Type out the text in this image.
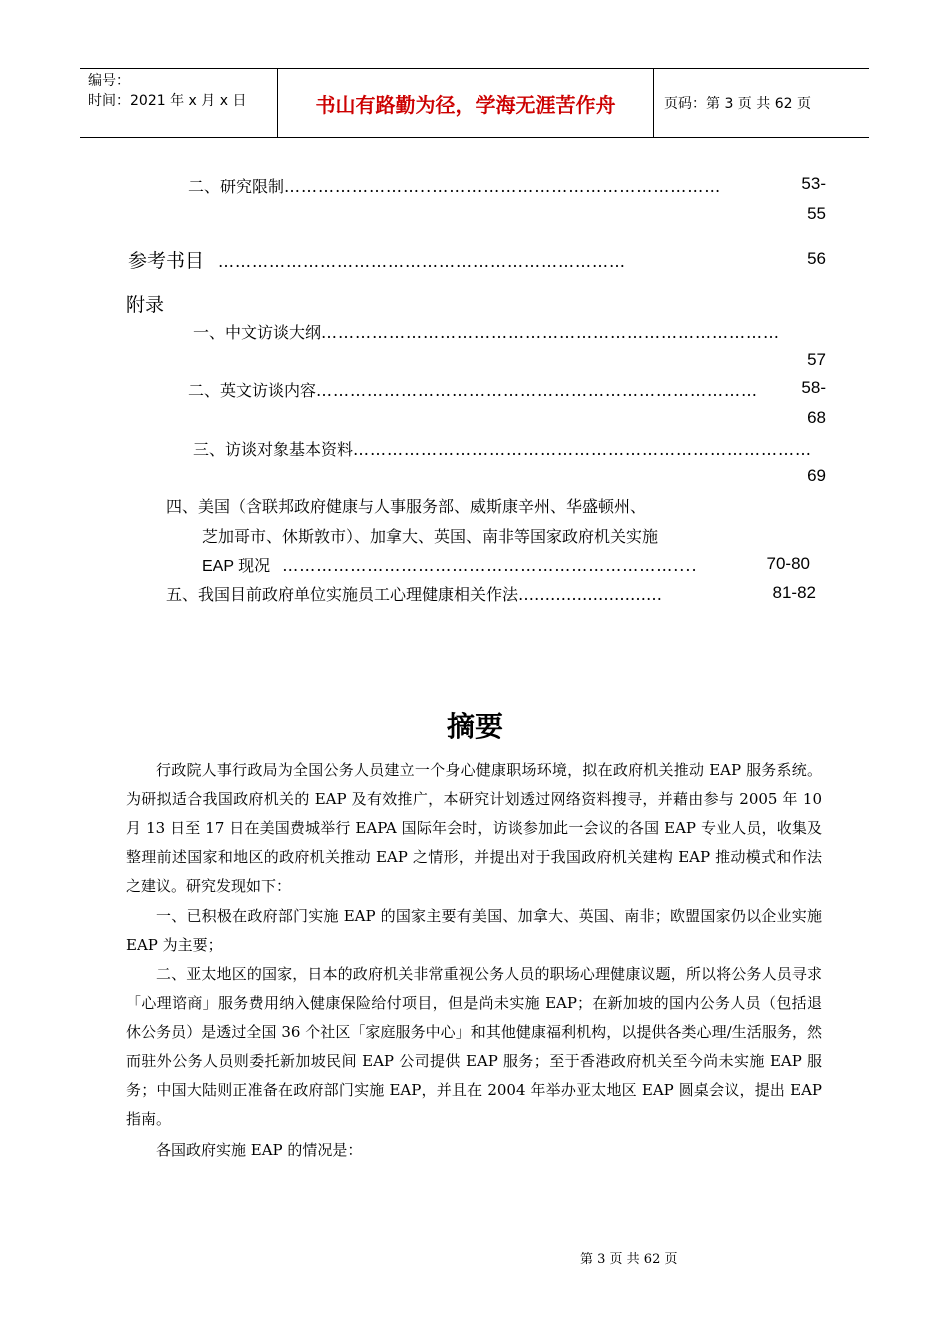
编号：
时间：2021 年 x 月 x 日	书山有路勤为径，学海无涯苦作舟	页码：第 3 页 共 62 页
二、研究限制……………………..……………………………………………	53-
55
参考书目 ………………………………………………………………	56
附录
一、中文访谈大纲………………………………………………………………………
57
二、英文访谈内容……………………………………………………………………	58-
68
三、访谈对象基本资料………………………………………………………………………
69
四、美国（含联邦政府健康与人事服务部、威斯康辛州、华盛顿州、
芝加哥市、休斯敦市）、加拿大、英国、南非等国家政府机关实施
EAP 现况 ……………………………………………………………....	70-80
五、我国目前政府单位实施员工心理健康相关作法………………………	81-82
摘要
行政院人事行政局为全国公务人员建立一个身心健康职场环境，拟在政府机关推动 EAP 服务系统。为研拟适合我国政府机关的 EAP 及有效推广，本研究计划透过网络资料搜寻，并藉由参与 2005 年 10 月 13 日至 17 日在美国费城举行 EAPA 国际年会时，访谈参加此一会议的各国 EAP 专业人员，收集及整理前述国家和地区的政府机关推动 EAP 之情形，并提出对于我国政府机关建构 EAP 推动模式和作法之建议。研究发现如下：
一、已积极在政府部门实施 EAP 的国家主要有美国、加拿大、英国、南非；欧盟国家仍以企业实施 EAP 为主要；
二、亚太地区的国家，日本的政府机关非常重视公务人员的职场心理健康议题，所以将公务人员寻求「心理谘商」服务费用纳入健康保险给付项目，但是尚未实施 EAP；在新加坡的国内公务人员（包括退休公务员）是透过全国 36 个社区「家庭服务中心」和其他健康福利机构，以提供各类心理/生活服务，然而驻外公务人员则委托新加坡民间 EAP 公司提供 EAP 服务；至于香港政府机关至今尚未实施 EAP 服务；中国大陆则正准备在政府部门实施 EAP，并且在 2004 年举办亚太地区 EAP 圆桌会议，提出 EAP 指南。
各国政府实施 EAP 的情况是：
第 3 页 共 62 页
